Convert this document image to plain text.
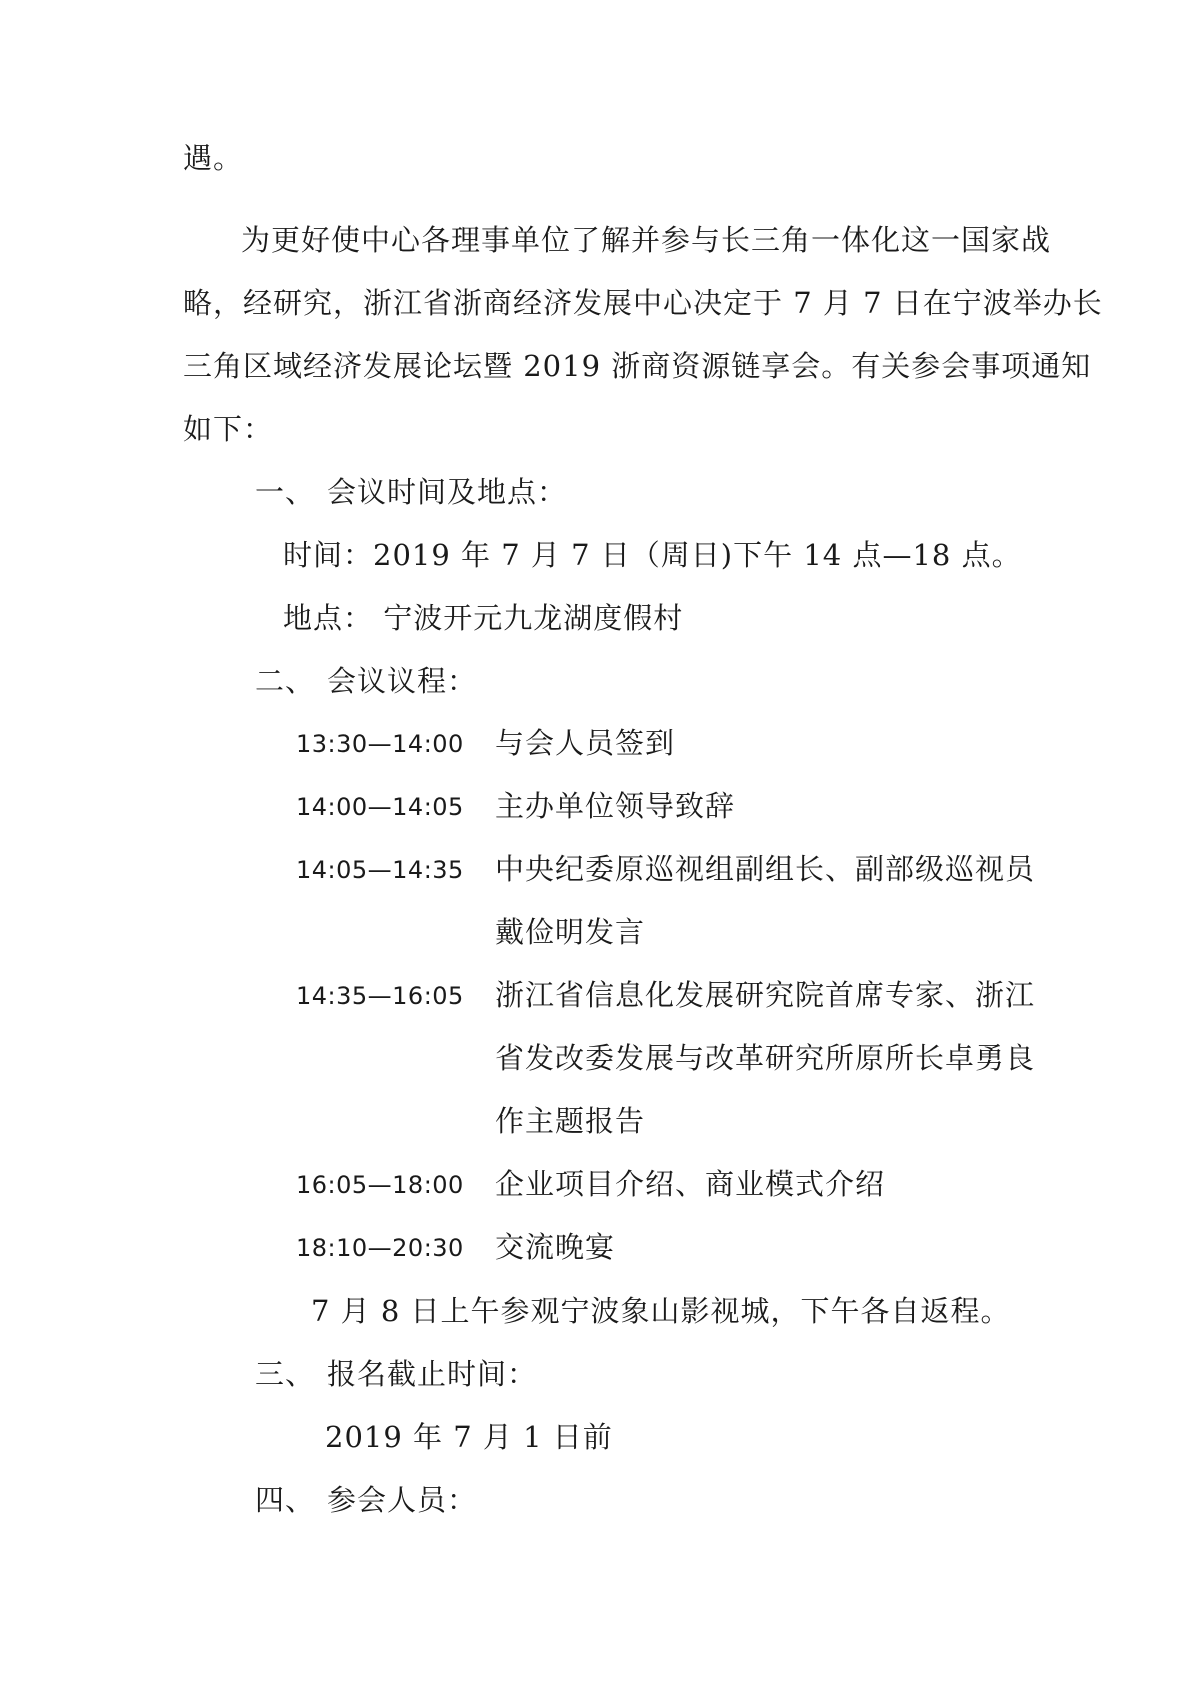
遇。
为更好使中心各理事单位了解并参与长三角一体化这一国家战
略，经研究，浙江省浙商经济发展中心决定于 7 月 7 日在宁波举办长
三角区域经济发展论坛暨 2019 浙商资源链享会。有关参会事项通知
如下：
一、 会议时间及地点：
时间：2019 年 7 月 7 日（周日)下午 14 点—18 点。
地点： 宁波开元九龙湖度假村
二、 会议议程：
13:30—14:00 与会人员签到
14:00—14:05 主办单位领导致辞
14:05—14:35 中央纪委原巡视组副组长、副部级巡视员戴俭明发言
14:35—16:05 浙江省信息化发展研究院首席专家、浙江省发改委发展与改革研究所原所长卓勇良作主题报告
16:05—18:00 企业项目介绍、商业模式介绍
18:10—20:30 交流晚宴
7 月 8 日上午参观宁波象山影视城，下午各自返程。
三、 报名截止时间：
2019 年 7 月 1 日前
四、 参会人员：
